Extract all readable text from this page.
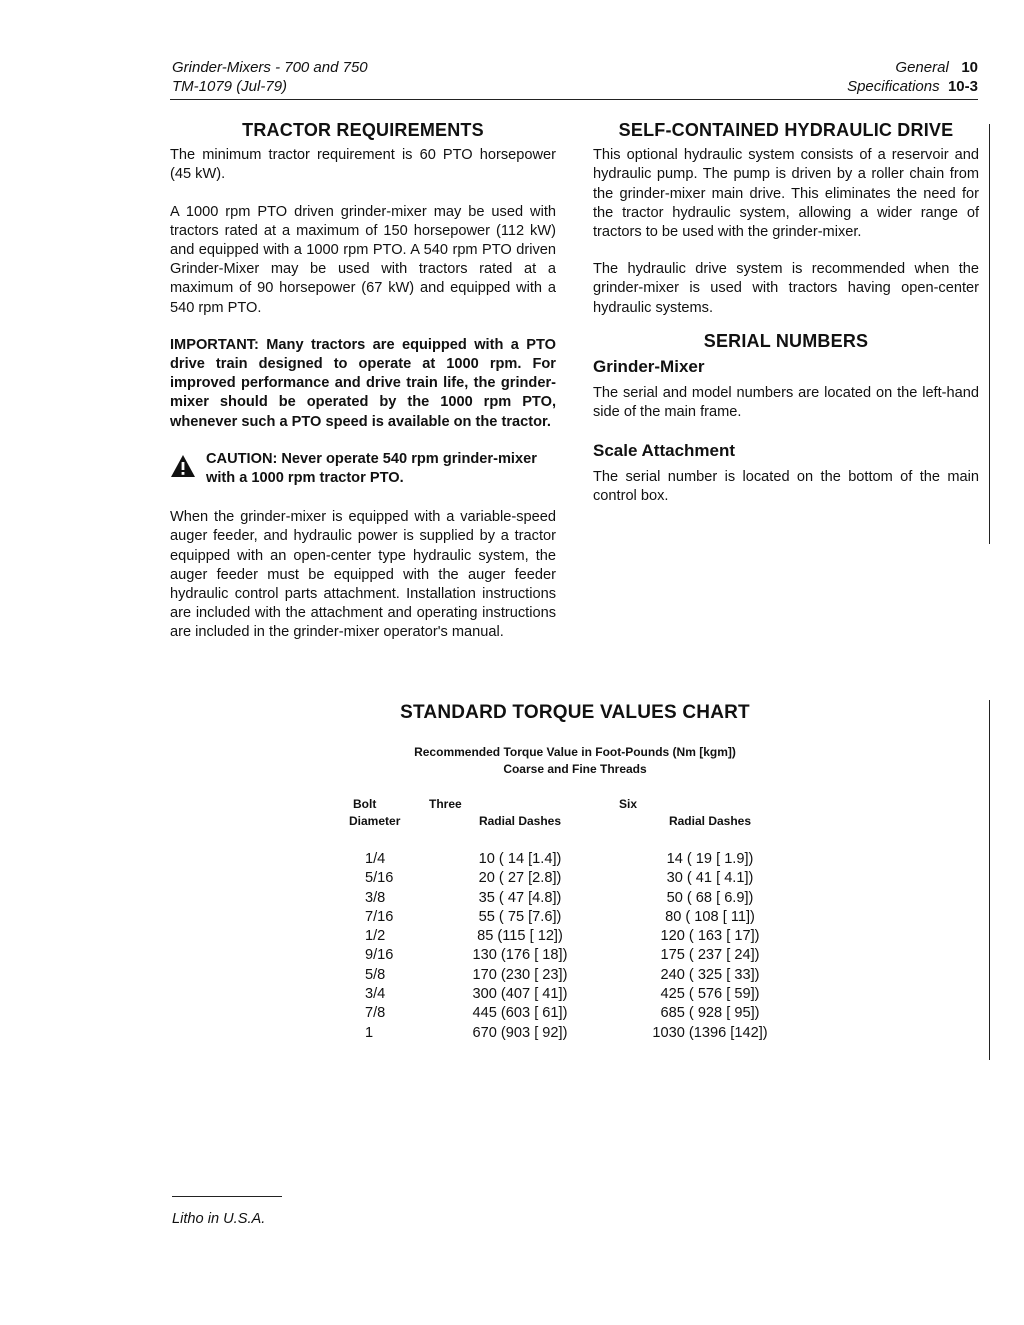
Grinder-Mixers - 700 and 750
TM-1079 (Jul-79)
General 10
Specifications 10-3
TRACTOR REQUIREMENTS

The minimum tractor requirement is 60 PTO horsepower (45 kW).

A 1000 rpm PTO driven grinder-mixer may be used with tractors rated at a maximum of 150 horsepower (112 kW) and equipped with a 1000 rpm PTO. A 540 rpm PTO driven Grinder-Mixer may be used with tractors rated at a maximum of 90 horsepower (67 kW) and equipped with a 540 rpm PTO.

IMPORTANT: Many tractors are equipped with a PTO drive train designed to operate at 1000 rpm. For improved performance and drive train life, the grinder-mixer should be operated by the 1000 rpm PTO, whenever such a PTO speed is available on the tractor.

CAUTION: Never operate 540 rpm grinder-mixer with a 1000 rpm tractor PTO.

When the grinder-mixer is equipped with a variable-speed auger feeder, and hydraulic power is supplied by a tractor equipped with an open-center type hydraulic system, the auger feeder must be equipped with the auger feeder hydraulic control parts attachment. Installation instructions are included with the attachment and operating instructions are included in the grinder-mixer operator's manual.

SELF-CONTAINED HYDRAULIC DRIVE

This optional hydraulic system consists of a reservoir and hydraulic pump. The pump is driven by a roller chain from the grinder-mixer main drive. This eliminates the need for the tractor hydraulic system, allowing a wider range of tractors to be used with the grinder-mixer.

The hydraulic drive system is recommended when the grinder-mixer is used with tractors having open-center hydraulic systems.

SERIAL NUMBERS
Grinder-Mixer

The serial and model numbers are located on the left-hand side of the main frame.

Scale Attachment

The serial number is located on the bottom of the main control box.

STANDARD TORQUE VALUES CHART
Recommended Torque Value in Foot-Pounds (Nm [kgm])
Coarse and Fine Threads
Bolt
Diameter
Three
Radial Dashes
Six
Radial Dashes
1/4	10 ( 14 [1.4])	14 ( 19 [ 1.9])
5/16	20 ( 27 [2.8])	30 ( 41 [ 4.1])
3/8	35 ( 47 [4.8])	50 ( 68 [ 6.9])
7/16	55 ( 75 [7.6])	80 ( 108 [ 11])
1/2	85 (115 [ 12])	120 ( 163 [ 17])
9/16	130 (176 [ 18])	175 ( 237 [ 24])
5/8	170 (230 [ 23])	240 ( 325 [ 33])
3/4	300 (407 [ 41])	425 ( 576 [ 59])
7/8	445 (603 [ 61])	685 ( 928 [ 95])
1	670 (903 [ 92])	1030 (1396 [142])
Litho in U.S.A.
